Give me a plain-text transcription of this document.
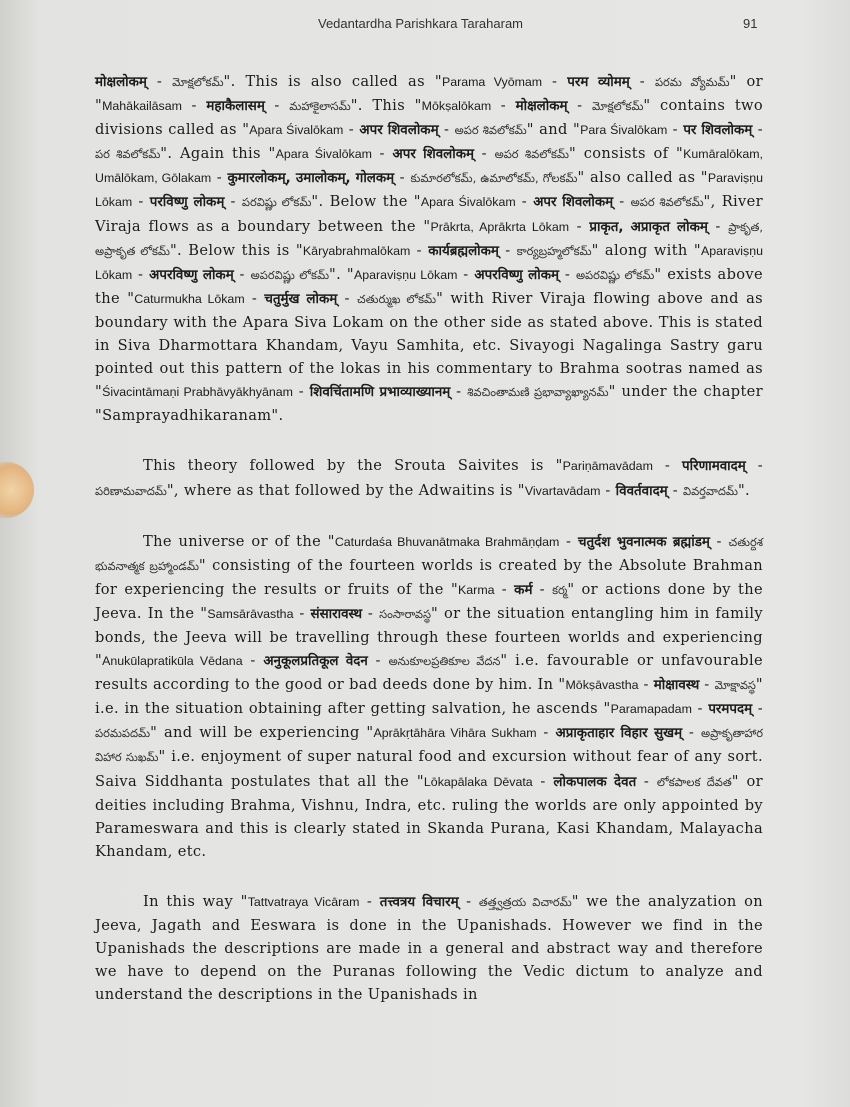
Vedantardha Parishkara Taraharam	91

मोक्षलोकम् - మోక్షలోకమ్". This is also called as "Parama Vyōmam - परम व्योमम् - పరమ వ్యోమమ్" or "Mahākailāsam - महाकैलासम् - మహాకైలాసమ్". This "Mōkṣalōkam - मोक्षलोकम् - మోక్షలోకమ్" contains two divisions called as "Apara Śivalōkam - अपर शिवलोकम् - అపర శివలోకమ్" and "Para Śivalōkam - पर शिवलोकम् - పర శివలోకమ్". Again this "Apara Śivalōkam - अपर शिवलोकम् - అపర శివలోకమ్" consists of "Kumāralōkam, Umālōkam, Gōlakam - कुमारलोकम्, उमालोकम्, गोलकम् - కుమారలోకమ్, ఉమాలోకమ్, గోలకమ్" also called as "Paraviṣṇu Lōkam - परविष्णु लोकम् - పరవిష్ణు లోకమ్". Below the "Apara Śivalōkam - अपर शिवलोकम् - అపర శివలోకమ్", River Viraja flows as a boundary between the "Prākrta, Aprākrta Lōkam - प्राकृत, अप्राकृत लोकम् - ప్రాకృత, అప్రాకృత లోకమ్". Below this is "Kāryabrahmalōkam - कार्यब्रह्मलोकम् - కార్యబ్రహ్మలోకమ్" along with "Aparaviṣṇu Lōkam - अपरविष्णु लोकम् - అపరవిష్ణు లోకమ్". "Aparaviṣṇu Lōkam - अपरविष्णु लोकम् - అపరవిష్ణు లోకమ్" exists above the "Caturmukha Lōkam - चतुर्मुख लोकम् - చతుర్ముఖ లోకమ్" with River Viraja flowing above and as boundary with the Apara Siva Lokam on the other side as stated above. This is stated in Siva Dharmottara Khandam, Vayu Samhita, etc. Sivayogi Nagalinga Sastry garu pointed out this pattern of the lokas in his commentary to Brahma sootras named as "Śivacintāmaṇi Prabhāvyākhyānam - शिवचिंतामणि प्रभाव्याख्यानम् - శివచింతామణి ప్రభావ్యాఖ్యానమ్" under the chapter "Samprayadhikaranam".

This theory followed by the Srouta Saivites is "Pariṇāmavādam - परिणामवादम् - పరిణామవాదమ్", where as that followed by the Adwaitins is "Vivartavādam - विवर्तवादम् - వివర్తవాదమ్".

The universe or of the "Caturdaśa Bhuvanātmaka Brahmāṇḍam - चतुर्दश भुवनात्मक ब्रह्मांडम् - చతుర్దశ భువనాత్మక బ్రహ్మాండమ్" consisting of the fourteen worlds is created by the Absolute Brahman for experiencing the results or fruits of the "Karma - कर्म - కర్మ" or actions done by the Jeeva. In the "Samsārāvastha - संसारावस्थ - సంసారావస్థ" or the situation entangling him in family bonds, the Jeeva will be travelling through these fourteen worlds and experiencing "Anukūlapratikūla Vēdana - अनुकूलप्रतिकूल वेदन - అనుకూలప్రతికూల వేదన" i.e. favourable or unfavourable results according to the good or bad deeds done by him. In "Mōkṣāvastha - मोक्षावस्थ - మోక్షావస్థ" i.e. in the situation obtaining after getting salvation, he ascends "Paramapadam - परमपदम् - పరమపదమ్" and will be experiencing "Aprākṛtāhāra Vihāra Sukham - अप्राकृताहार विहार सुखम् - అప్రాకృతాహార విహార సుఖమ్" i.e. enjoyment of super natural food and excursion without fear of any sort. Saiva Siddhanta postulates that all the "Lōkapālaka Dēvata - लोकपालक देवत - లోకపాలక దేవత" or deities including Brahma, Vishnu, Indra, etc. ruling the worlds are only appointed by Parameswara and this is clearly stated in Skanda Purana, Kasi Khandam, Malayacha Khandam, etc.

In this way "Tattvatraya Vicāram - तत्त्वत्रय विचारम् - తత్త్వత్రయ విచారమ్" we the analyzation on Jeeva, Jagath and Eeswara is done in the Upanishads. However we find in the Upanishads the descriptions are made in a general and abstract way and therefore we have to depend on the Puranas following the Vedic dictum to analyze and understand the descriptions in the Upanishads in
